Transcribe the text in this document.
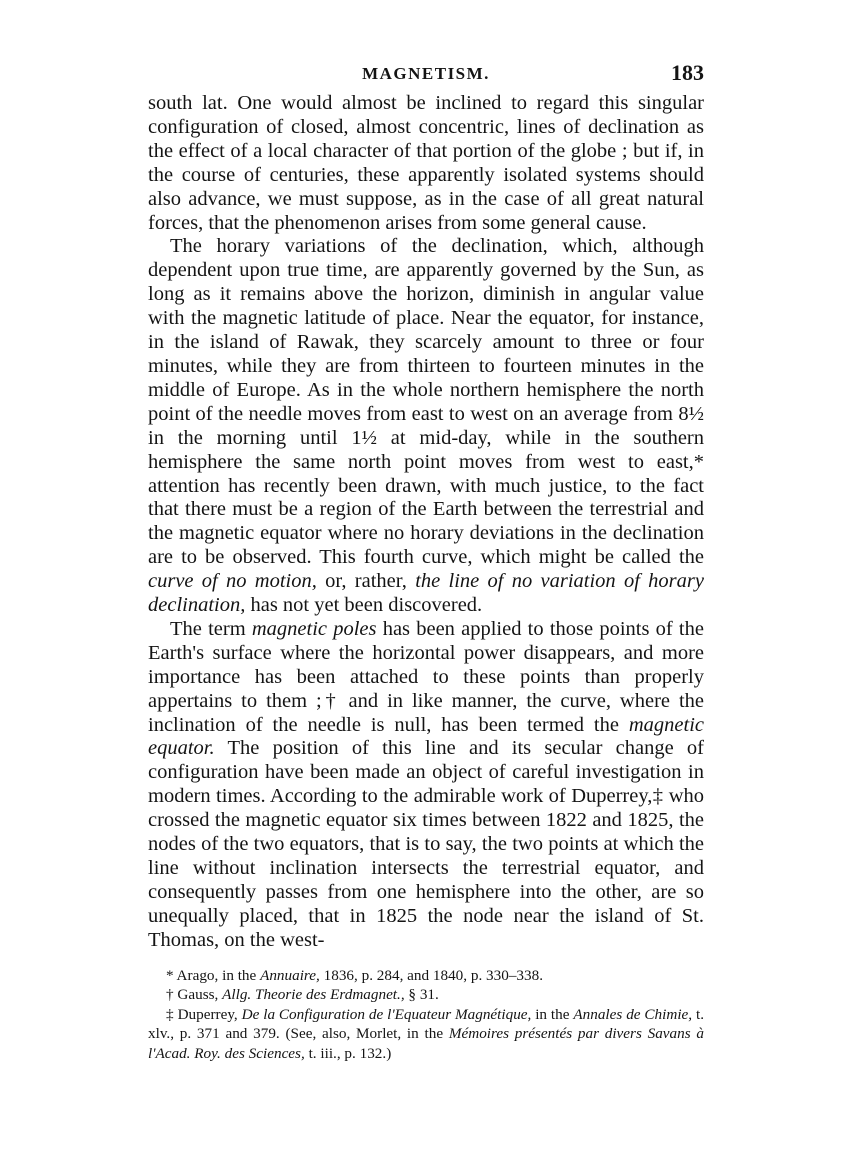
MAGNETISM.	183

south lat. One would almost be inclined to regard this singular configuration of closed, almost concentric, lines of declination as the effect of a local character of that portion of the globe ; but if, in the course of centuries, these apparently isolated systems should also advance, we must suppose, as in the case of all great natural forces, that the phenomenon arises from some general cause.

The horary variations of the declination, which, although dependent upon true time, are apparently governed by the Sun, as long as it remains above the horizon, diminish in angular value with the magnetic latitude of place. Near the equator, for instance, in the island of Rawak, they scarcely amount to three or four minutes, while they are from thirteen to fourteen minutes in the middle of Europe. As in the whole northern hemisphere the north point of the needle moves from east to west on an average from 8½ in the morning until 1½ at mid-day, while in the southern hemisphere the same north point moves from west to east,* attention has recently been drawn, with much justice, to the fact that there must be a region of the Earth between the terrestrial and the magnetic equator where no horary deviations in the declination are to be observed. This fourth curve, which might be called the curve of no motion, or, rather, the line of no variation of horary declination, has not yet been discovered.

The term magnetic poles has been applied to those points of the Earth's surface where the horizontal power disappears, and more importance has been attached to these points than properly appertains to them ;† and in like manner, the curve, where the inclination of the needle is null, has been termed the magnetic equator. The position of this line and its secular change of configuration have been made an object of careful investigation in modern times. According to the admirable work of Duperrey,‡ who crossed the magnetic equator six times between 1822 and 1825, the nodes of the two equators, that is to say, the two points at which the line without inclination intersects the terrestrial equator, and consequently passes from one hemisphere into the other, are so unequally placed, that in 1825 the node near the island of St. Thomas, on the west-

* Arago, in the Annuaire, 1836, p. 284, and 1840, p. 330–338.

† Gauss, Allg. Theorie des Erdmagnet., § 31.

‡ Duperrey, De la Configuration de l'Equateur Magnétique, in the Annales de Chimie, t. xlv., p. 371 and 379. (See, also, Morlet, in the Mémoires présentés par divers Savans à l'Acad. Roy. des Sciences, t. iii., p. 132.)
